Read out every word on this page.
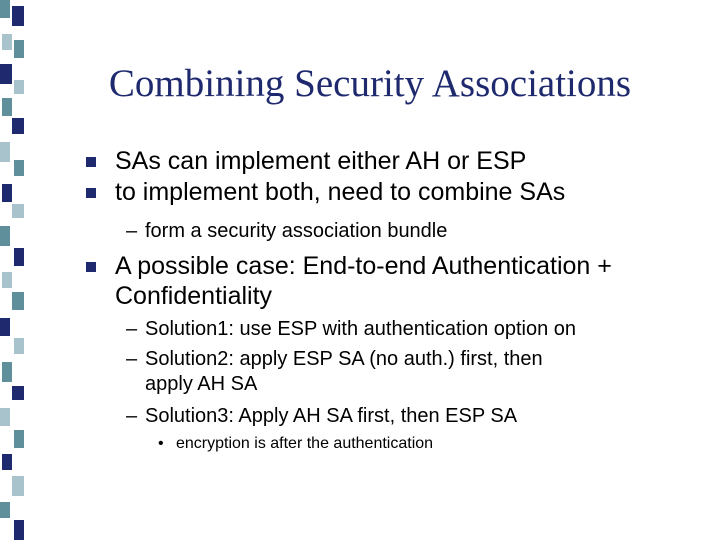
Combining Security Associations
SAs can implement either AH or ESP
to implement both, need to combine SAs
– form a security association bundle
A possible case: End-to-end Authentication +
Confidentiality
– Solution1: use ESP with authentication option on
– Solution2: apply ESP SA (no auth.) first, then
apply AH SA
– Solution3: Apply AH SA first, then ESP SA
• encryption is after the authentication
